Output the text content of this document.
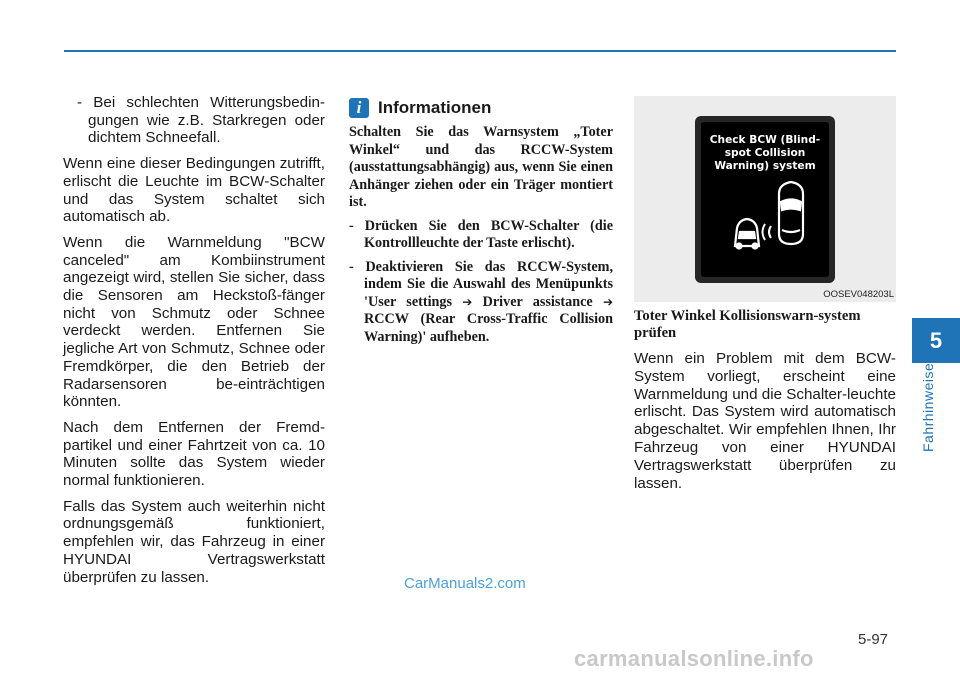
- Bei schlechten Witterungsbedin-gungen wie z.B. Starkregen oder dichtem Schneefall.

Wenn eine dieser Bedingungen zutrifft, erlischt die Leuchte im BCW-Schalter und das System schaltet sich automatisch ab.

Wenn die Warnmeldung "BCW canceled" am Kombiinstrument angezeigt wird, stellen Sie sicher, dass die Sensoren am Heckstoß-fänger nicht von Schmutz oder Schnee verdeckt werden. Entfernen Sie jegliche Art von Schmutz, Schnee oder Fremdkörper, die den Betrieb der Radarsensoren be-einträchtigen könnten.

Nach dem Entfernen der Fremd-partikel und einer Fahrtzeit von ca. 10 Minuten sollte das System wieder normal funktionieren.

Falls das System auch weiterhin nicht ordnungsgemäß funktioniert, empfehlen wir, das Fahrzeug in einer HYUNDAI Vertragswerkstatt überprüfen zu lassen.

i Informationen

Schalten Sie das Warnsystem „Toter Winkel“ und das RCCW-System (ausstattungsabhängig) aus, wenn Sie einen Anhänger ziehen oder ein Träger montiert ist.

- Drücken Sie den BCW-Schalter (die Kontrollleuchte der Taste erlischt).

- Deaktivieren Sie das RCCW-System, indem Sie die Auswahl des Menüpunkts 'User settings ➔ Driver assistance ➔ RCCW (Rear Cross-Traffic Collision Warning)' aufheben.

Check BCW (Blind-spot Collision Warning) system
OOSEV048203L
Toter Winkel Kollisionswarn-system prüfen

Wenn ein Problem mit dem BCW-System vorliegt, erscheint eine Warnmeldung und die Schalter-leuchte erlischt. Das System wird automatisch abgeschaltet. Wir empfehlen Ihnen, Ihr Fahrzeug von einer HYUNDAI Vertragswerkstatt überprüfen zu lassen.

5
Fahrhinweise
CarManuals2.com
5-97
carmanualsonline.info
